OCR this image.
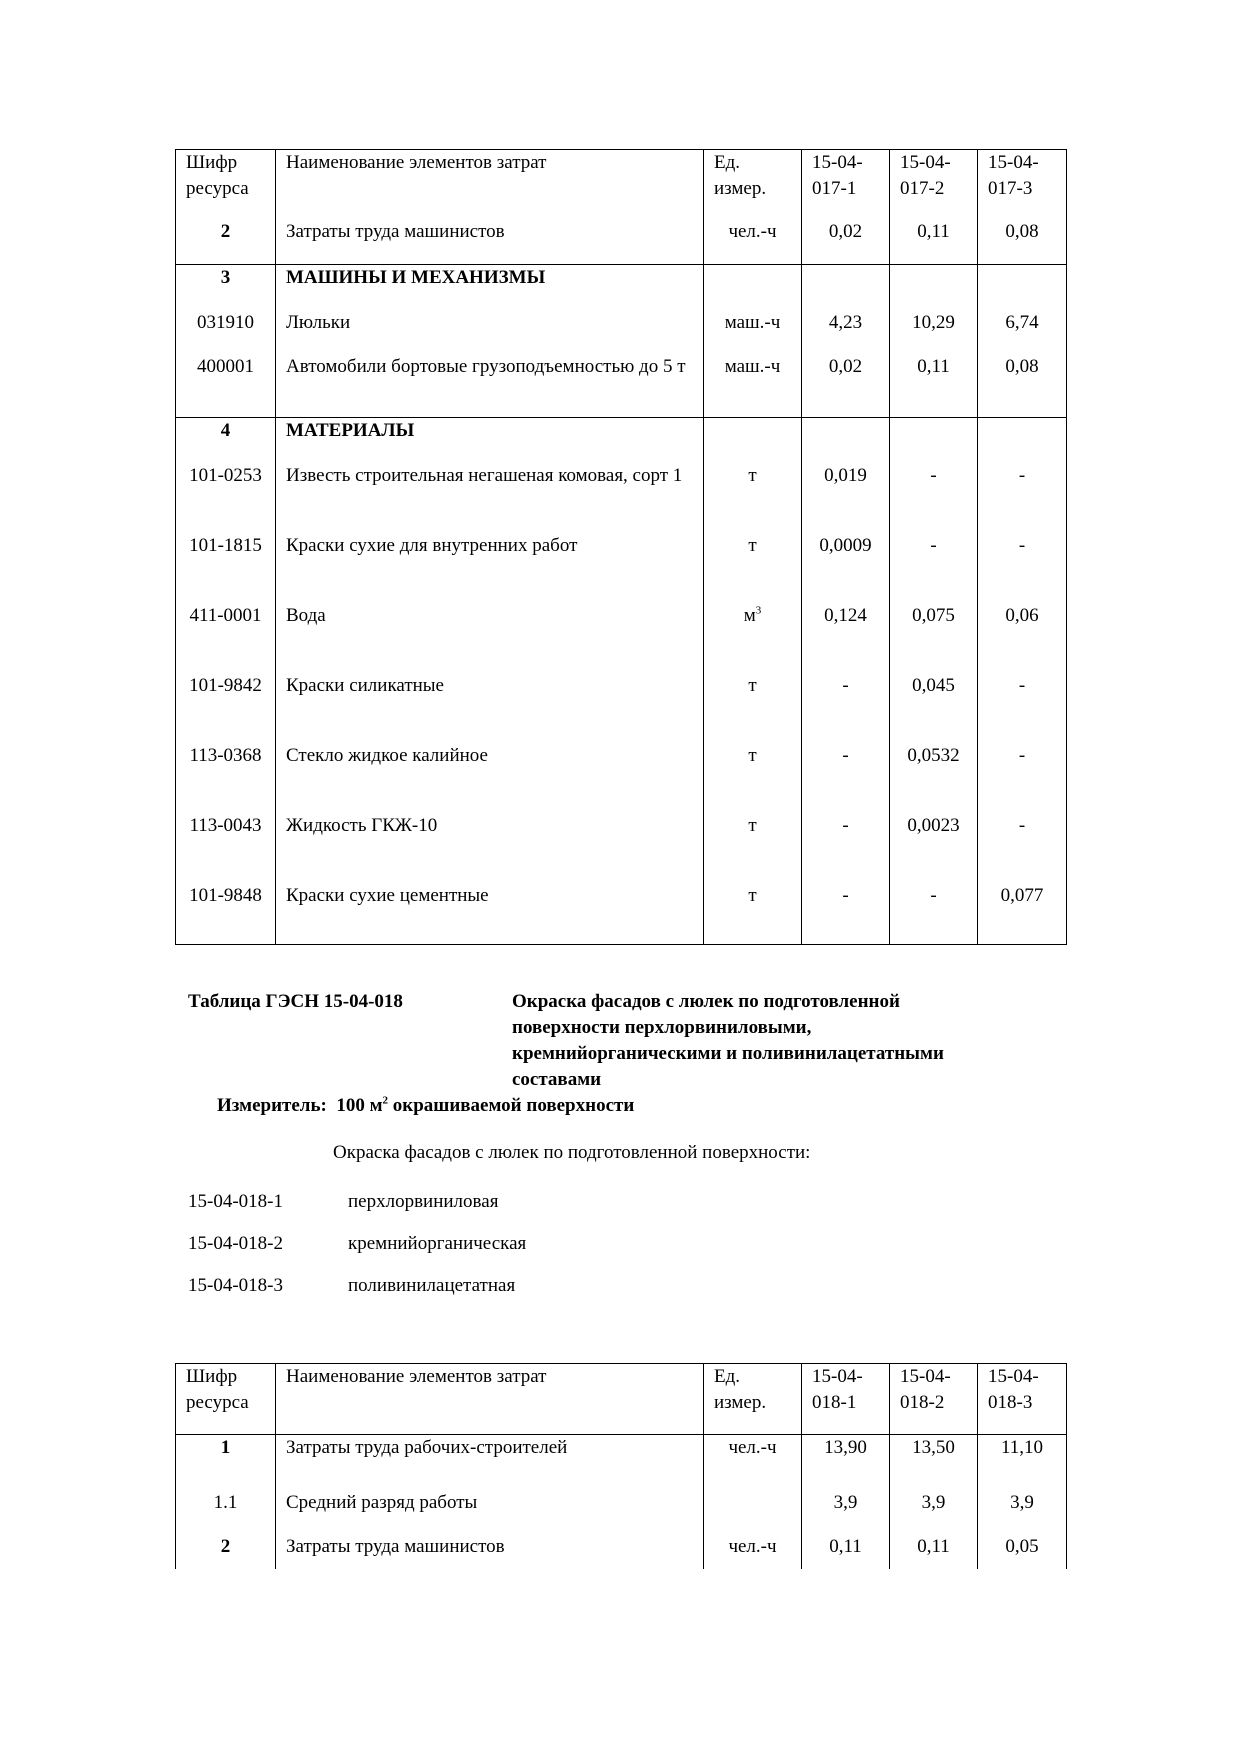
Шифр ресурса	Наименование элементов затрат	Ед. измер.	15-04-017-1	15-04-017-2	15-04-017-3
2	Затраты труда машинистов	чел.-ч	0,02	0,11	0,08
3	МАШИНЫ И МЕХАНИЗМЫ				
031910	Люльки	маш.-ч	4,23	10,29	6,74
400001	Автомобили бортовые грузоподъемностью до 5 т	маш.-ч	0,02	0,11	0,08
4	МАТЕРИАЛЫ				
101-0253	Известь строительная негашеная комовая, сорт 1	т	0,019	-	-
101-1815	Краски сухие для внутренних работ	т	0,0009	-	-
411-0001	Вода	$м^3$	0,124	0,075	0,06
101-9842	Краски силикатные	т	-	0,045	-
113-0368	Стекло жидкое калийное	т	-	0,0532	-
113-0043	Жидкость ГКЖ-10	т	-	0,0023	-
101-9848	Краски сухие цементные	т	-	-	0,077
Таблица ГЭСН 15-04-018	Окраска фасадов с люлек по подготовленной поверхности перхлорвиниловыми, кремнийорганическими и поливинилацетатными составами
Измеритель: 100 $м^2$ окрашиваемой поверхности
Окраска фасадов с люлек по подготовленной поверхности:
15-04-018-1	перхлорвиниловая
15-04-018-2	кремнийорганическая
15-04-018-3	поливинилацетатная
Шифр ресурса	Наименование элементов затрат	Ед. измер.	15-04-018-1	15-04-018-2	15-04-018-3
1	Затраты труда рабочих-строителей	чел.-ч	13,90	13,50	11,10
1.1	Средний разряд работы		3,9	3,9	3,9
2	Затраты труда машинистов	чел.-ч	0,11	0,11	0,05
